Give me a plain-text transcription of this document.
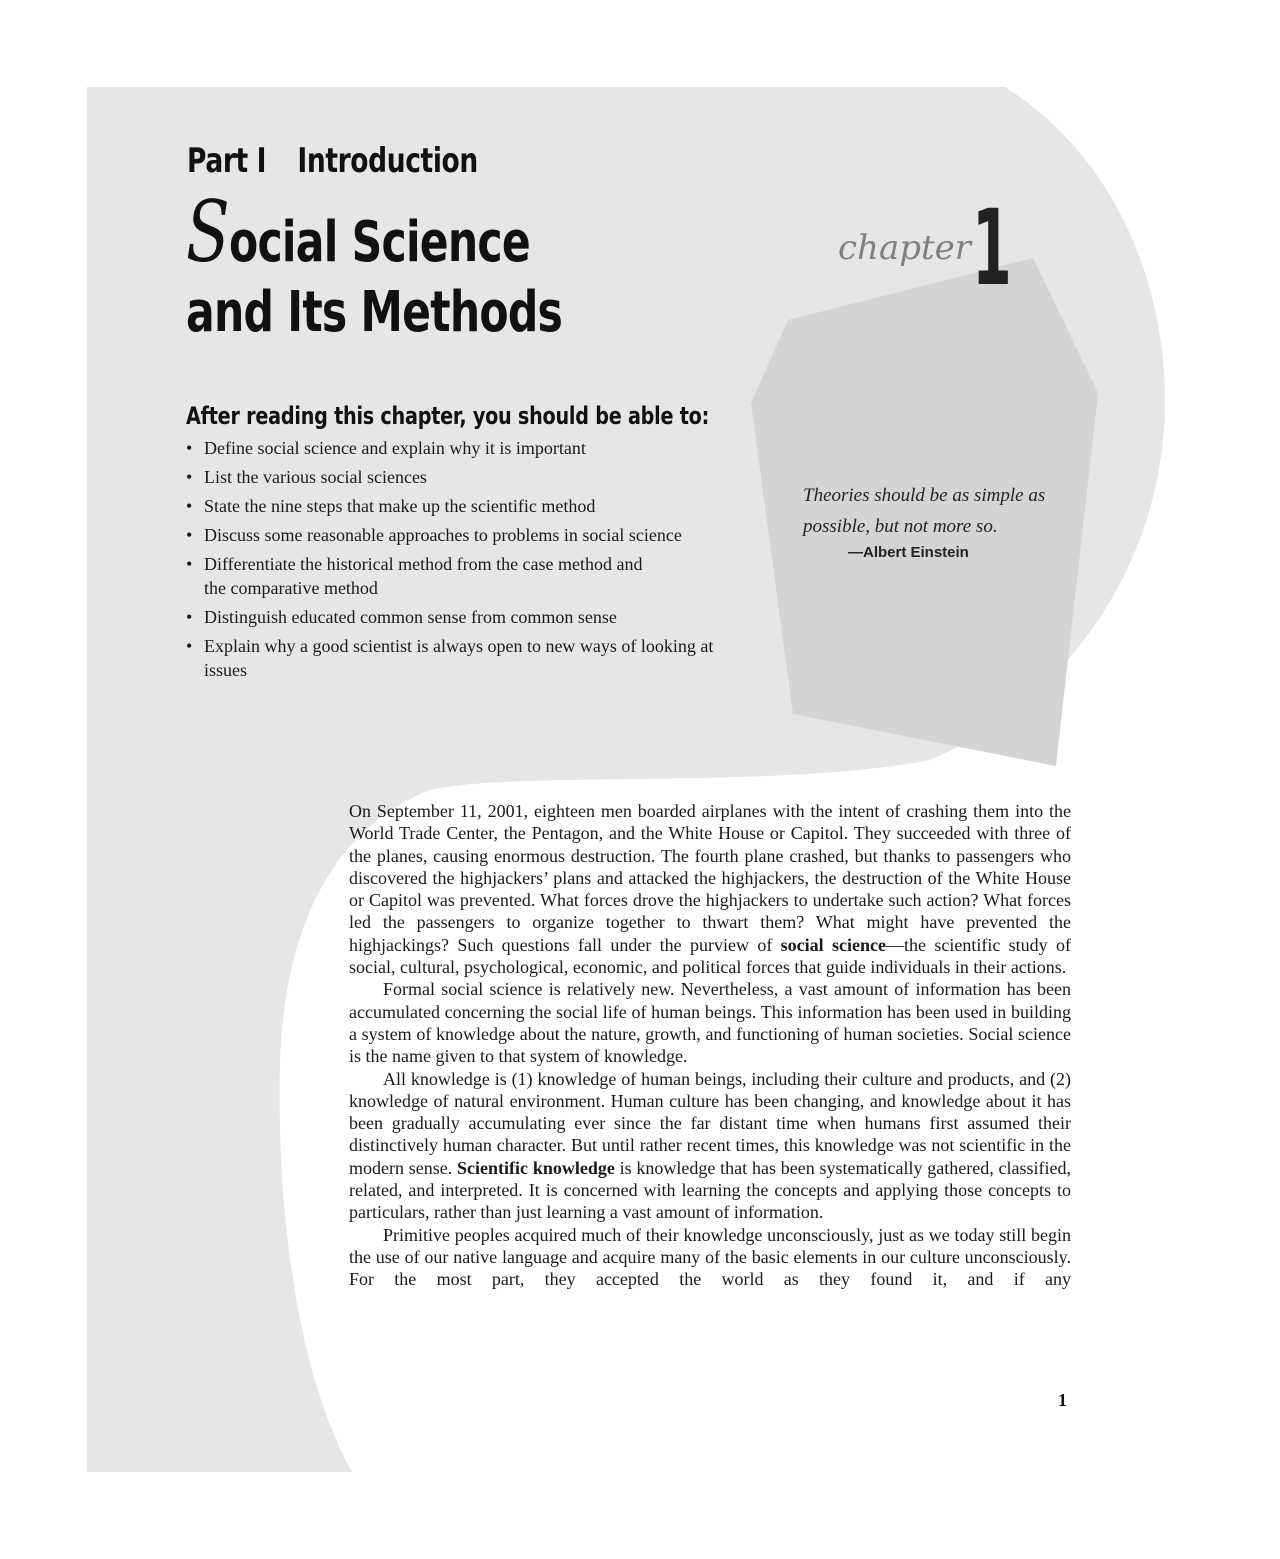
Part I Introduction
Social Science
and Its Methods
chapter 1
After reading this chapter, you should be able to:
• Define social science and explain why it is important
• List the various social sciences
• State the nine steps that make up the scientific method
• Discuss some reasonable approaches to problems in social science
• Differentiate the historical method from the case method and the comparative method
• Distinguish educated common sense from common sense
• Explain why a good scientist is always open to new ways of looking at issues
Theories should be as simple as possible, but not more so.
—Albert Einstein

On September 11, 2001, eighteen men boarded airplanes with the intent of crashing them into the World Trade Center, the Pentagon, and the White House or Capitol. They succeeded with three of the planes, causing enormous destruction. The fourth plane crashed, but thanks to passengers who discovered the highjackers’ plans and attacked the highjackers, the destruction of the White House or Capitol was prevented. What forces drove the highjackers to undertake such action? What forces led the passengers to organize together to thwart them? What might have prevented the highjackings? Such questions fall under the purview of social science—the scientific study of social, cultural, psychological, economic, and political forces that guide individuals in their actions.

Formal social science is relatively new. Nevertheless, a vast amount of information has been accumulated concerning the social life of human beings. This information has been used in building a system of knowledge about the nature, growth, and functioning of human societies. Social science is the name given to that system of knowledge.

All knowledge is (1) knowledge of human beings, including their culture and products, and (2) knowledge of natural environment. Human culture has been changing, and knowledge about it has been gradually accumulating ever since the far distant time when humans first assumed their distinctively human character. But until rather recent times, this knowledge was not scientific in the modern sense. Scientific knowledge is knowledge that has been systematically gathered, classified, related, and interpreted. It is concerned with learning the concepts and applying those concepts to particulars, rather than just learning a vast amount of information.

Primitive peoples acquired much of their knowledge unconsciously, just as we today still begin the use of our native language and acquire many of the basic elements in our culture unconsciously. For the most part, they accepted the world as they found it, and if any

1
